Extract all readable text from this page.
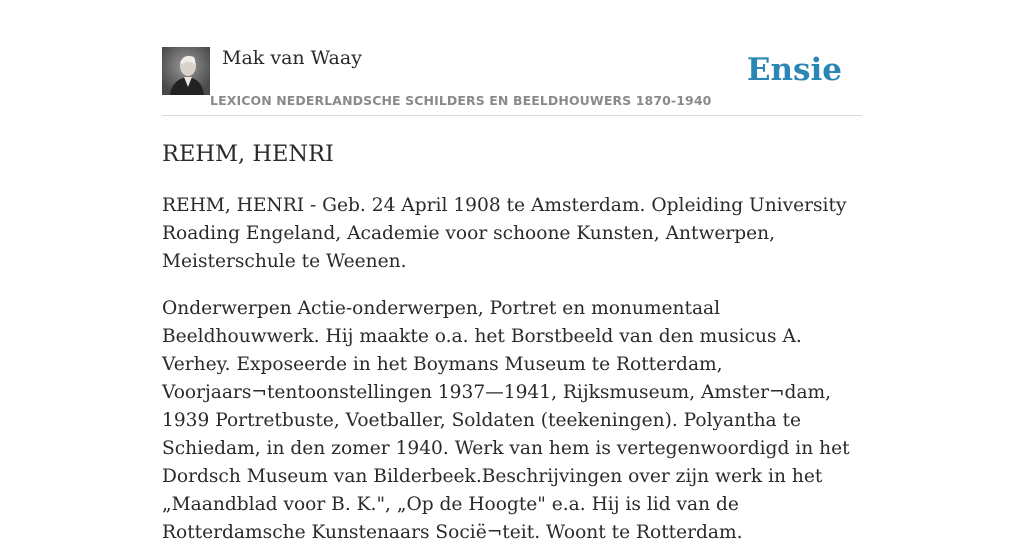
Mak van Waay
LEXICON NEDERLANDSCHE SCHILDERS EN BEELDHOUWERS 1870-1940
Ensie
REHM, HENRI

REHM, HENRI - Geb. 24 April 1908 te Amsterdam. Opleiding University Roading Engeland, Academie voor schoone Kunsten, Antwerpen, Meisterschule te Weenen.

Onderwerpen Actie-onderwerpen, Portret en monumentaal Beeldhouwwerk. Hij maakte o.a. het Borstbeeld van den musicus A. Verhey. Exposeerde in het Boymans Museum te Rotterdam, Voorjaars¬tentoonstellingen 1937—1941, Rijksmuseum, Amster¬dam, 1939 Portretbuste, Voetballer, Soldaten (teekeningen). Polyantha te Schiedam, in den zomer 1940. Werk van hem is vertegenwoordigd in het Dordsch Museum van Bilderbeek.Beschrijvingen over zijn werk in het „Maandblad voor B. K.", „Op de Hoogte" e.a. Hij is lid van de Rotterdamsche Kunstenaars Sociё¬teit. Woont te Rotterdam.
